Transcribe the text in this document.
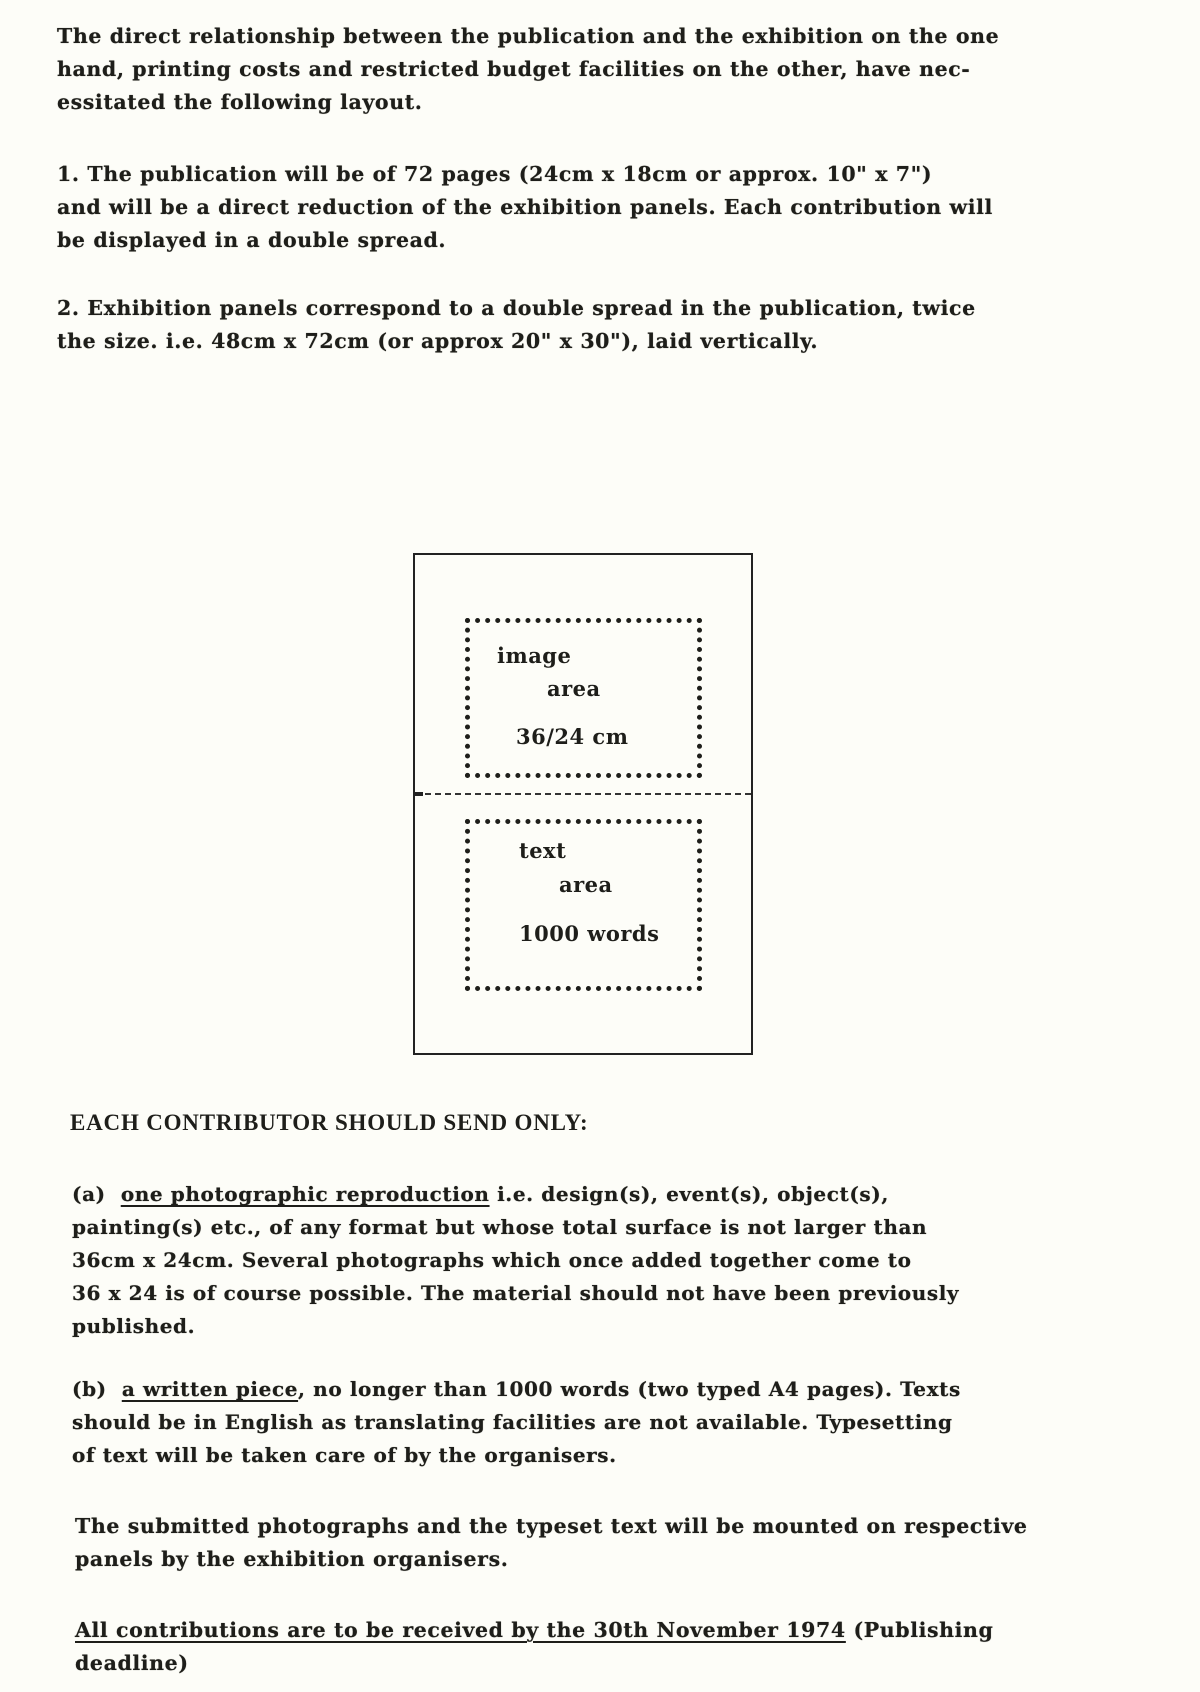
The direct relationship between the publication and the exhibition on the one
hand, printing costs and restricted budget facilities on the other, have nec-
essitated the following layout.
1. The publication will be of 72 pages (24cm x 18cm or approx. 10" x 7")
and will be a direct reduction of the exhibition panels. Each contribution will
be displayed in a double spread.
2. Exhibition panels correspond to a double spread in the publication, twice
the size. i.e. 48cm x 72cm (or approx 20" x 30"), laid vertically.
image
area
36/24 cm
text
area
1000 words
EACH CONTRIBUTOR SHOULD SEND ONLY:
(a) one photographic reproduction i.e. design(s), event(s), object(s),
painting(s) etc., of any format but whose total surface is not larger than
36cm x 24cm. Several photographs which once added together come to
36 x 24 is of course possible. The material should not have been previously
published.
(b) a written piece, no longer than 1000 words (two typed A4 pages). Texts
should be in English as translating facilities are not available. Typesetting
of text will be taken care of by the organisers.
The submitted photographs and the typeset text will be mounted on respective
panels by the exhibition organisers.
All contributions are to be received by the 30th November 1974 (Publishing
deadline)
